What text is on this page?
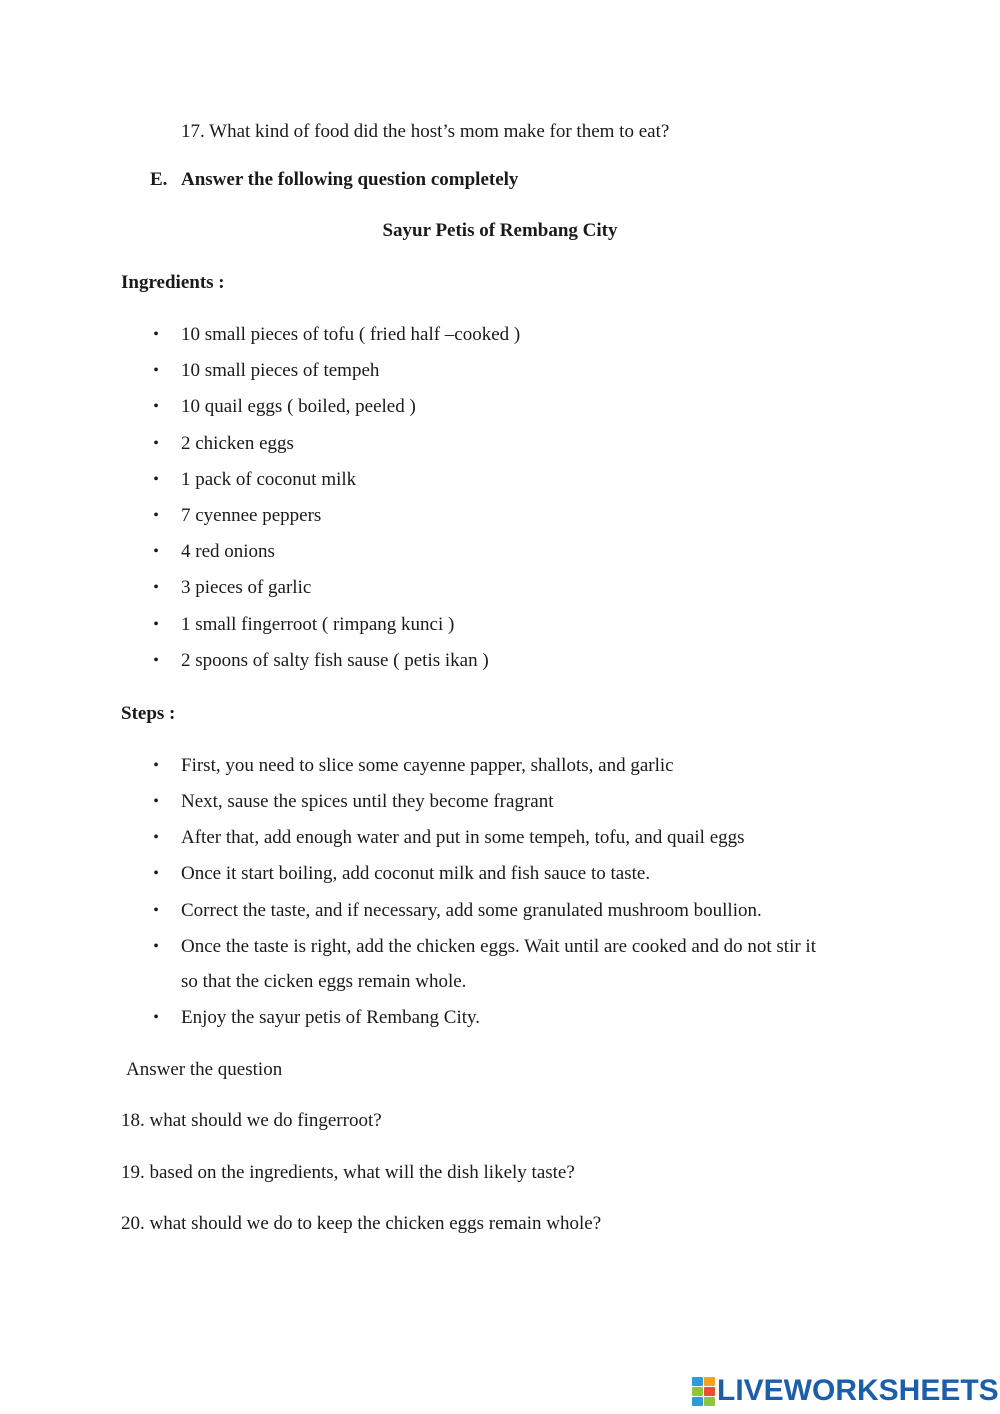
17. What kind of food did the host’s mom make for them to eat?
E. Answer the following question completely
Sayur Petis of Rembang City
Ingredients :
• 10 small pieces of tofu ( fried half –cooked )
• 10 small pieces of tempeh
• 10 quail eggs ( boiled, peeled )
• 2 chicken eggs
• 1 pack of coconut milk
• 7 cyennee peppers
• 4 red onions
• 3 pieces of garlic
• 1 small fingerroot ( rimpang kunci )
• 2 spoons of salty fish sause ( petis ikan )
Steps :
• First, you need to slice some cayenne papper, shallots, and garlic
• Next, sause the spices until they become fragrant
• After that, add enough water and put in some tempeh, tofu, and quail eggs
• Once it start boiling, add coconut milk and fish sauce to taste.
• Correct the taste, and if necessary, add some granulated mushroom boullion.
• Once the taste is right, add the chicken eggs. Wait until are cooked and do not stir it
so that the cicken eggs remain whole.
• Enjoy the sayur petis of Rembang City.
Answer the question
18. what should we do fingerroot?
19. based on the ingredients, what will the dish likely taste?
20. what should we do to keep the chicken eggs remain whole?
LIVEWORKSHEETS
